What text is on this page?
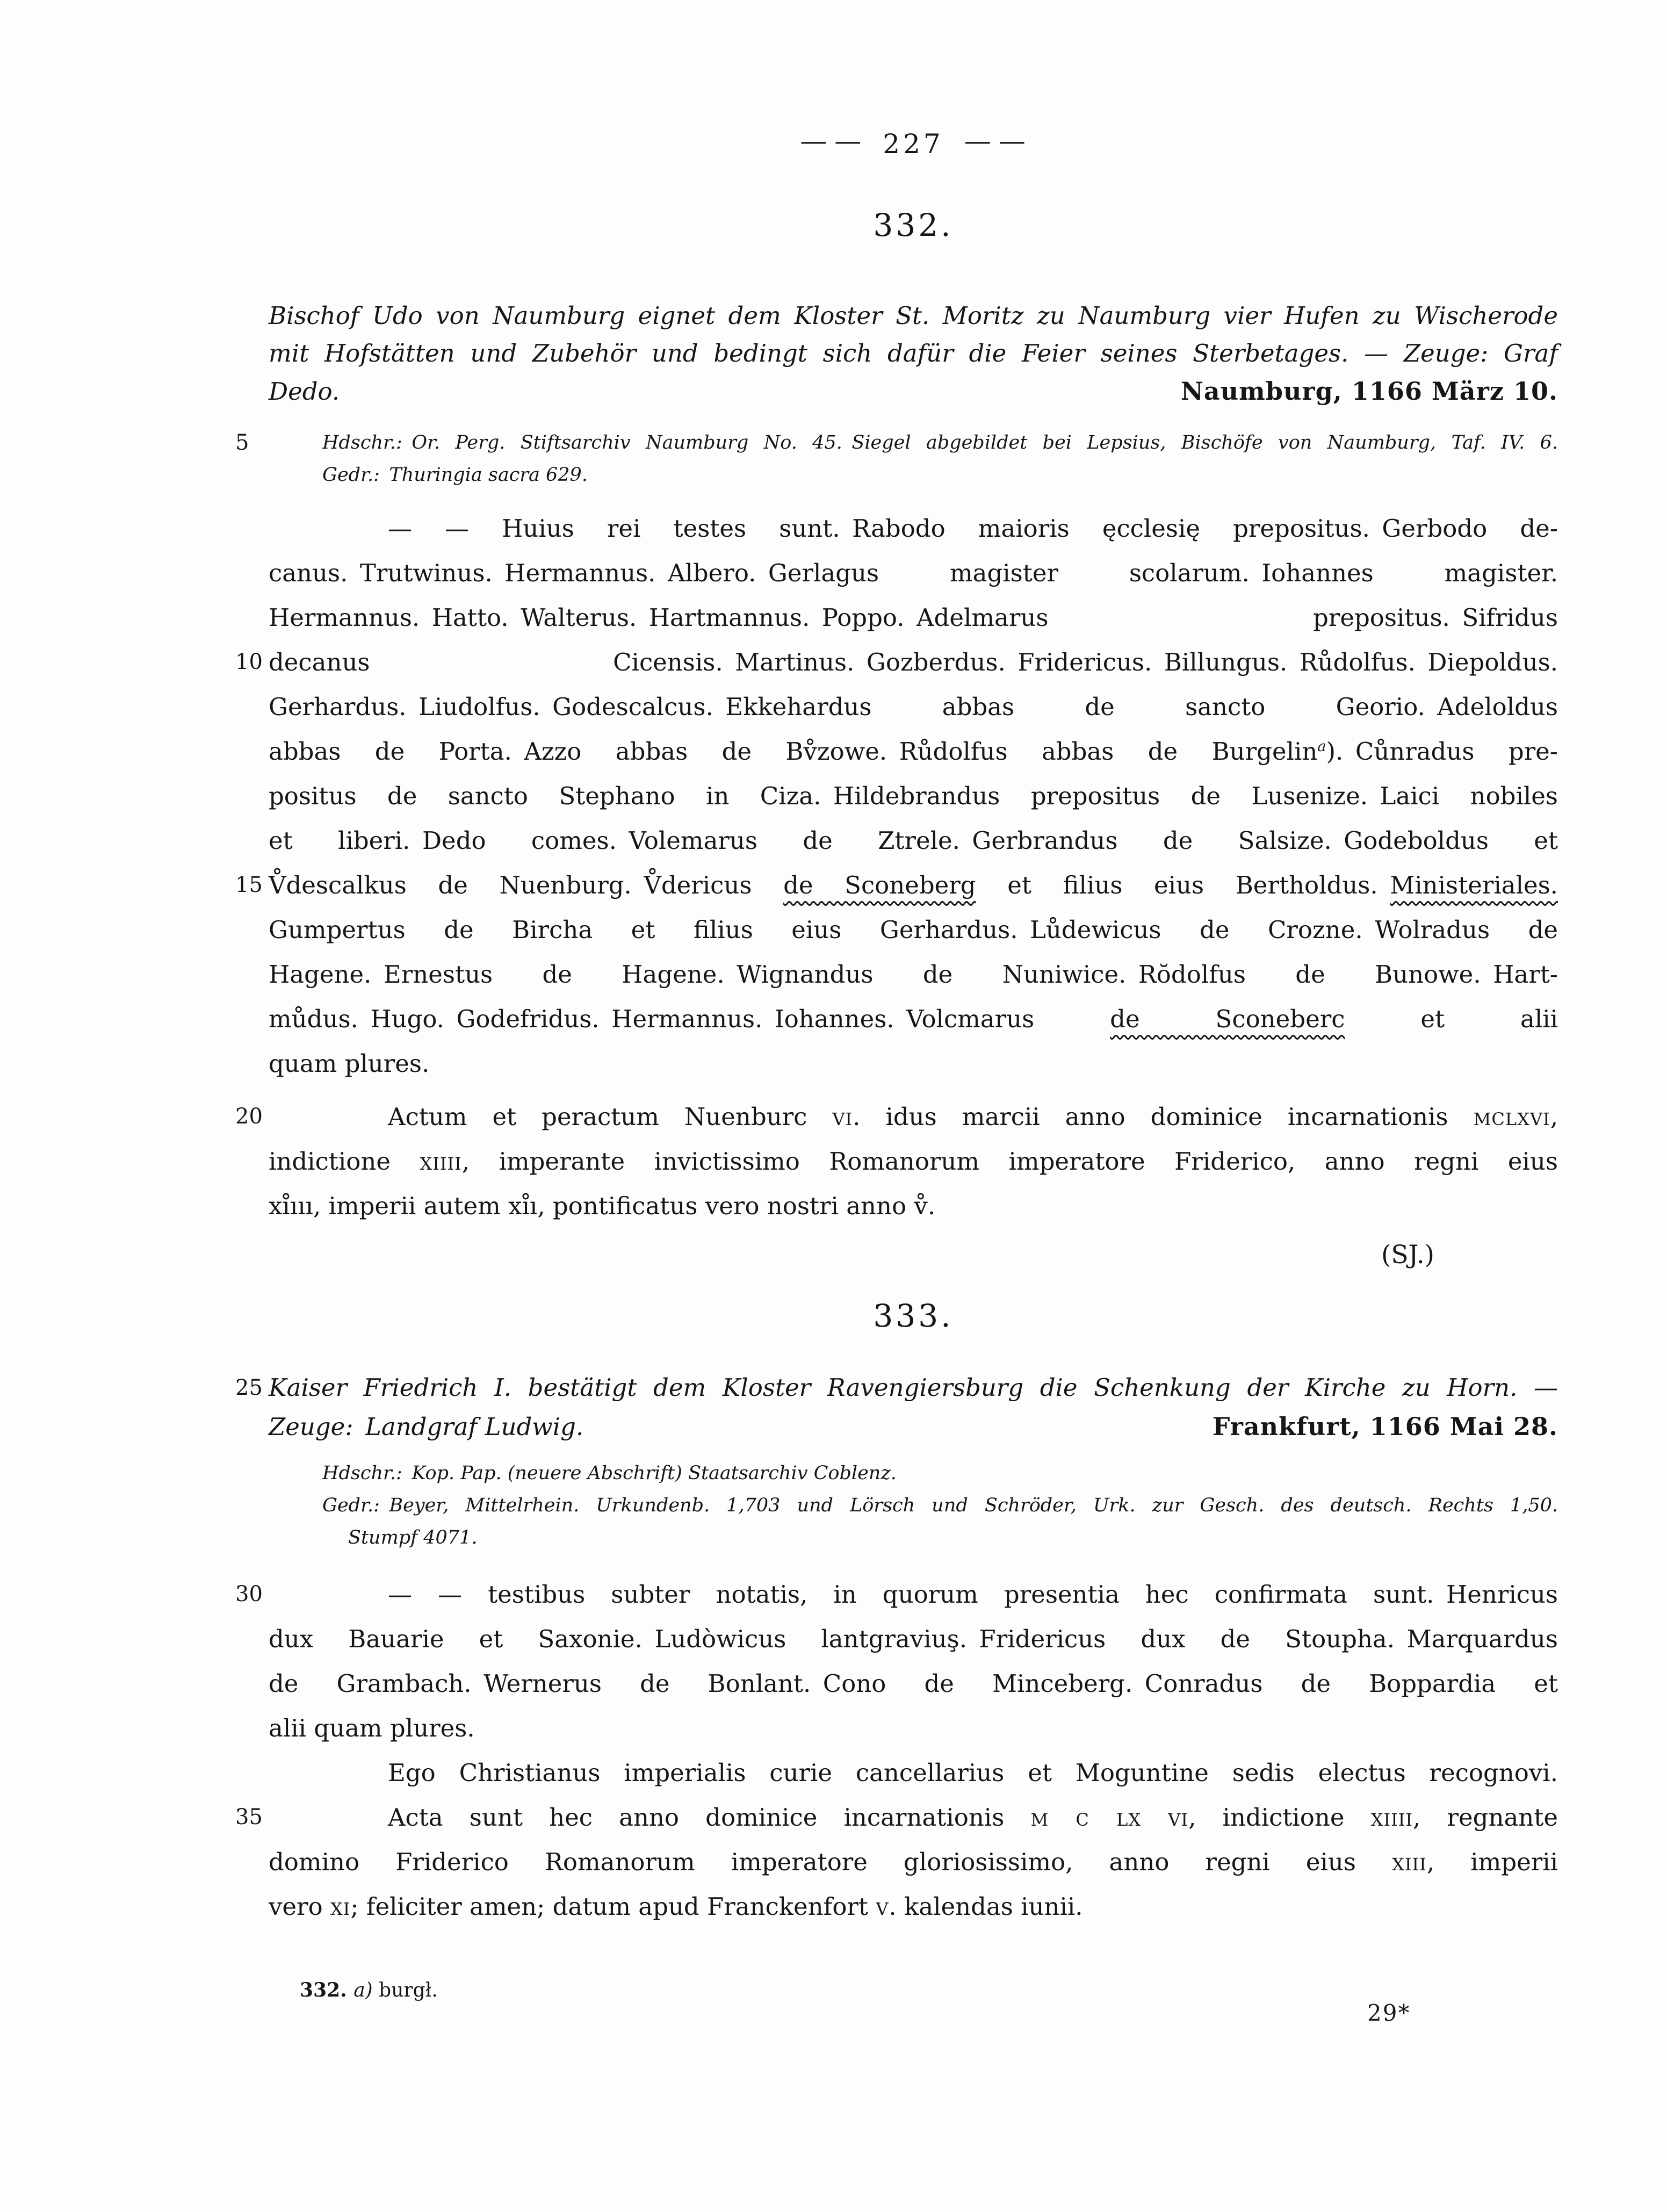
— — 227 — —
332.
Bischof Udo von Naumburg eignet dem Kloster St. Moritz zu Naumburg vier Hufen zu Wischerode
mit Hofstätten und Zubehör und bedingt sich dafür die Feier seines Sterbetages. — Zeuge: Graf
Dedo.	Naumburg, 1166 März 10.
5	Hdschr.: Or. Perg. Stiftsarchiv Naumburg No. 45. Siegel abgebildet bei Lepsius, Bischöfe von Naumburg, Taf. IV. 6.
Gedr.: Thuringia sacra 629.
— — Huius rei testes sunt. Rabodo maioris ęcclesię prepositus. Gerbodo de-
canus. Trutwinus. Hermannus. Albero. Gerlagus magister scolarum. Iohannes magister.
Hermannus. Hatto. Walterus. Hartmannus. Poppo. Adelmarus prepositus. Sifridus
10 decanus Cicensis. Martinus. Gozberdus. Fridericus. Billungus. Růdolfus. Diepoldus.
Gerhardus. Liudolfus. Godescalcus. Ekkehardus abbas de sancto Georio. Adeloldus
abbas de Porta. Azzo abbas de Bv̊zowe. Růdolfus abbas de Burgelin$^a$). Cůnradus pre-
positus de sancto Stephano in Ciza. Hildebrandus prepositus de Lusenize. Laici nobiles
et liberi. Dedo comes. Volemarus de Ztrele. Gerbrandus de Salsize. Godeboldus et
15 V̊descalkus de Nuenburg. V̊dericus de Sconeberg et filius eius Bertholdus. Ministeriales.
Gumpertus de Bircha et filius eius Gerhardus. Lůdewicus de Crozne. Wolradus de
Hagene. Ernestus de Hagene. Wignandus de Nuniwice. Rŏdolfus de Bunowe. Hart-
můdus. Hugo. Godefridus. Hermannus. Iohannes. Volcmarus de Sconeberc et alii
quam plures.
20	Actum et peractum Nuenburc vi. idus marcii anno dominice incarnationis mclxvi,
indictione xiiii, imperante invictissimo Romanorum imperatore Friderico, anno regni eius
xı̊ııı, imperii autem xı̊ı, pontificatus vero nostri anno v̊.
(SJ.)
333.
25 Kaiser Friedrich I. bestätigt dem Kloster Ravengiersburg die Schenkung der Kirche zu Horn. —
Zeuge: Landgraf Ludwig.	Frankfurt, 1166 Mai 28.
Hdschr.: Kop. Pap. (neuere Abschrift) Staatsarchiv Coblenz.
Gedr.: Beyer, Mittelrhein. Urkundenb. 1,703 und Lörsch und Schröder, Urk. zur Gesch. des deutsch. Rechts 1,50.
Stumpf 4071.
30	— — testibus subter notatis, in quorum presentia hec confirmata sunt. Henricus
dux Bauarie et Saxonie. Ludòwicus lantgraviuş. Fridericus dux de Stoupha. Marquardus
de Grambach. Wernerus de Bonlant. Cono de Minceberg. Conradus de Boppardia et
alii quam plures.
Ego Christianus imperialis curie cancellarius et Moguntine sedis electus recognovi.
35	Acta sunt hec anno dominice incarnationis m c lx vi, indictione xiiii, regnante
domino Friderico Romanorum imperatore gloriosissimo, anno regni eius xiii, imperii
vero xi; feliciter amen; datum apud Franckenfort v. kalendas iunii.
332. a) burgł.
29*
